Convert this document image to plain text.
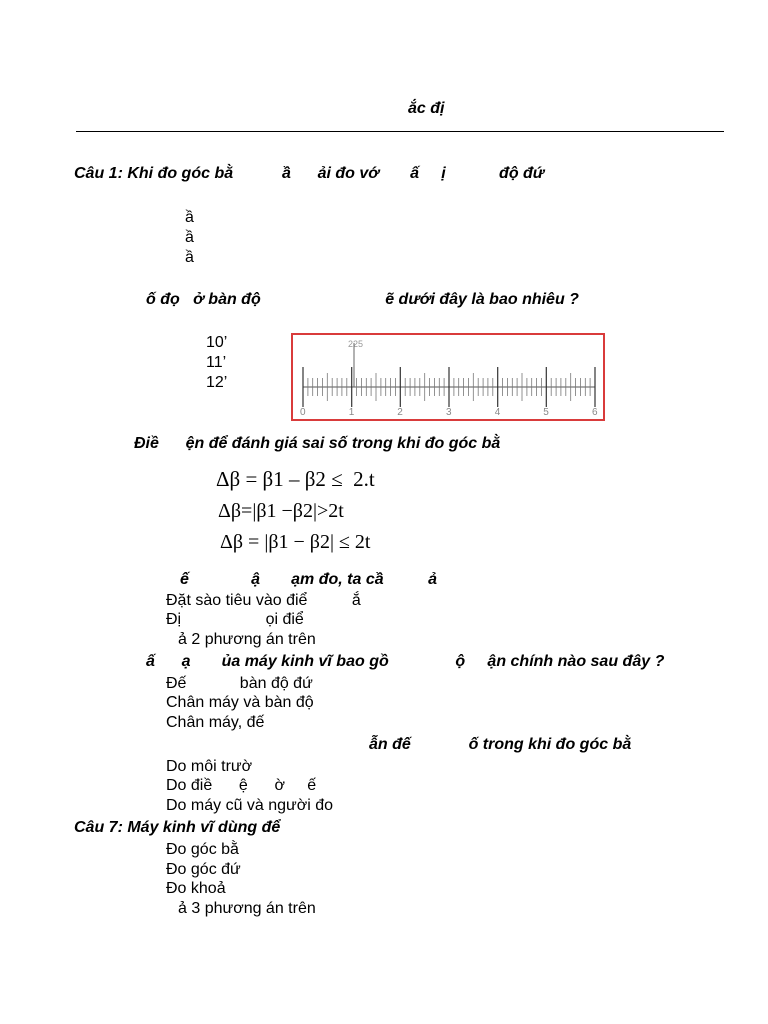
ắc đị
Câu 1: Khi đo góc bằ           ầ      ải đo vớ       ấ     ị            độ đứ
ầ
ầ
ầ
ố đọ   ở bàn độ                            ẽ dưới đây là bao nhiêu ?
10’
11’
12’
225
0	1	2	3	4	5	6
Điề      ện để đánh giá sai số trong khi đo góc bằ
Δβ = β1 – β2 ≤  2.t
Δβ=|β1 −β2|>2t
Δβ = |β1 − β2| ≤ 2t
ế              ậ       ạm đo, ta cầ          ả
Đặt sào tiêu vào điể          ắ
Đị                   ọi điể
ả 2 phương án trên
ấ      ạ       ủa máy kinh vĩ bao gồ               ộ     ận chính nào sau đây ?
Đế            bàn độ đứ
Chân máy và bàn độ
Chân máy, đế
ẫn đế             ố trong khi đo góc bằ
Do môi trườ
Do điề      ệ      ờ     ế
Do máy cũ và người đo
Câu 7: Máy kinh vĩ dùng để
Đo góc bằ
Đo góc đứ
Đo khoả
ả 3 phương án trên
